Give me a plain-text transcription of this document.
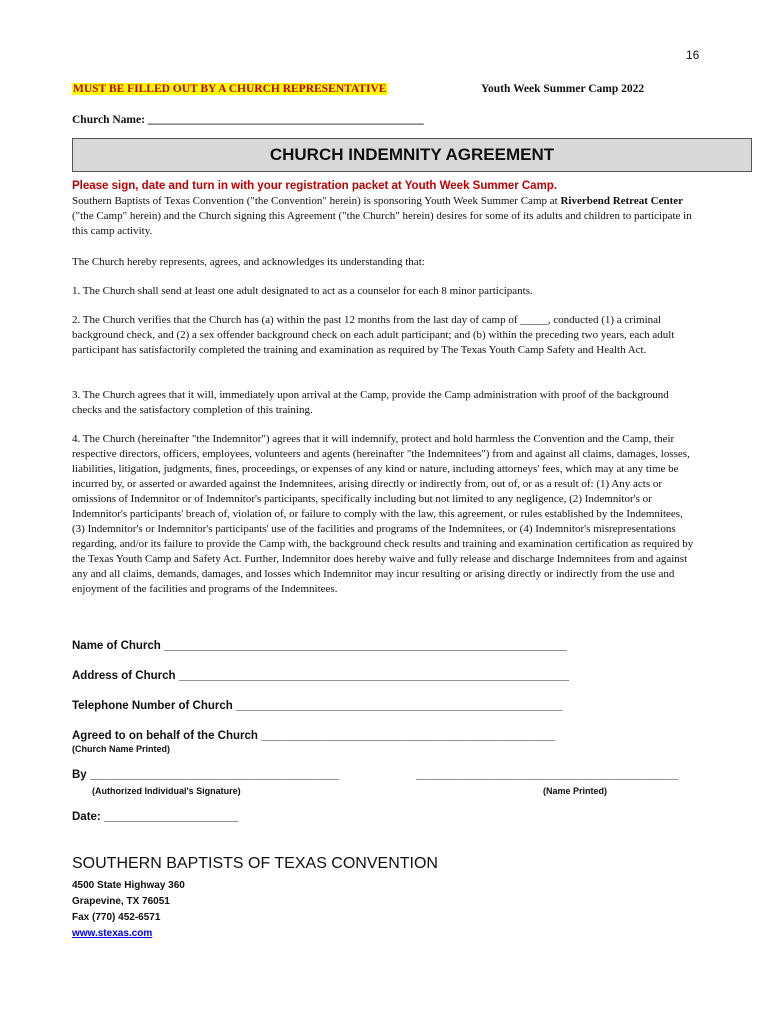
16
MUST BE FILLED OUT BY A CHURCH REPRESENTATIVE	Youth Week Summer Camp 2022
Church Name: ________________________________________________
CHURCH INDEMNITY AGREEMENT
Please sign, date and turn in with your registration packet at Youth Week Summer Camp.
Southern Baptists of Texas Convention ("the Convention" herein) is sponsoring Youth Week Summer Camp at Riverbend Retreat Center ("the Camp" herein) and the Church signing this Agreement ("the Church" herein) desires for some of its adults and children to participate in this camp activity.
The Church hereby represents, agrees, and acknowledges its understanding that:
1. The Church shall send at least one adult designated to act as a counselor for each 8 minor participants.
2. The Church verifies that the Church has (a) within the past 12 months from the last day of camp of _____, conducted (1) a criminal background check, and (2) a sex offender background check on each adult participant; and (b) within the preceding two years, each adult participant has satisfactorily completed the training and examination as required by The Texas Youth Camp Safety and Health Act.
3. The Church agrees that it will, immediately upon arrival at the Camp, provide the Camp administration with proof of the background checks and the satisfactory completion of this training.
4. The Church (hereinafter "the Indemnitor") agrees that it will indemnify, protect and hold harmless the Convention and the Camp, their respective directors, officers, employees, volunteers and agents (hereinafter "the Indemnitees") from and against all claims, damages, losses, liabilities, litigation, judgments, fines, proceedings, or expenses of any kind or nature, including attorneys' fees, which may at any time be incurred by, or asserted or awarded against the Indemnitees, arising directly or indirectly from, out of, or as a result of: (1) Any acts or omissions of Indemnitor or of Indemnitor's participants, specifically including but not limited to any negligence, (2) Indemnitor's or Indemnitor's participants' breach of, violation of, or failure to comply with the law, this agreement, or rules established by the Indemnitees, (3) Indemnitor's or Indemnitor's participants' use of the facilities and programs of the Indemnitees, or (4) Indemnitor's misrepresentations regarding, and/or its failure to provide the Camp with, the background check results and training and examination certification as required by the Texas Youth Camp and Safety Act. Further, Indemnitor does hereby waive and fully release and discharge Indemnitees from and against any and all claims, demands, damages, and losses which Indemnitor may incur resulting or arising directly or indirectly from the use and enjoyment of the facilities and programs of the Indemnitees.
Name of Church _______________________________________________________________
Address of Church _____________________________________________________________
Telephone Number of Church ___________________________________________________
Agreed to on behalf of the Church ______________________________________________
(Church Name Printed)
By _______________________________________	_________________________________________
(Authorized Individual's Signature)	(Name Printed)
Date: _____________________
SOUTHERN BAPTISTS OF TEXAS CONVENTION
4500 State Highway 360
Grapevine, TX 76051
Fax (770) 452-6571
www.stexas.com
